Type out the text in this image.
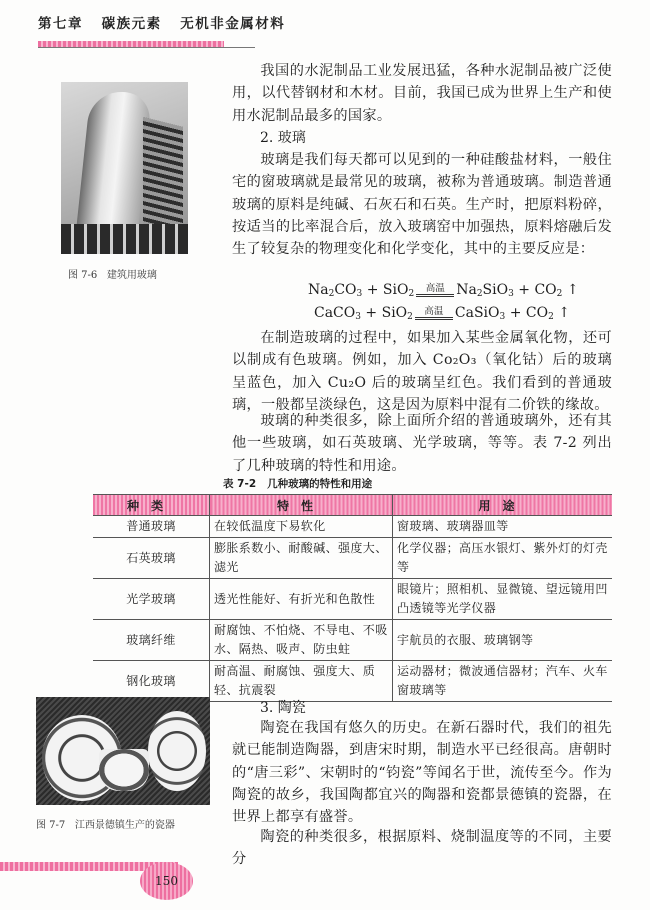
第七章   碳族元素   无机非金属材料
图 7-6   建筑用玻璃

我国的水泥制品工业发展迅猛，各种水泥制品被广泛使用，以代替钢材和木材。目前，我国已成为世界上生产和使用水泥制品最多的国家。

2. 玻璃

玻璃是我们每天都可以见到的一种硅酸盐材料，一般住宅的窗玻璃就是最常见的玻璃，被称为普通玻璃。制造普通玻璃的原料是纯碱、石灰石和石英。生产时，把原料粉碎，按适当的比率混合后，放入玻璃窑中加强热，原料熔融后发生了较复杂的物理变化和化学变化，其中的主要反应是：

$Na_2CO_3 + SiO_2$
高温 $Na_2SiO_3 + CO_2$ ↑
CaCO$_3$ + SiO$_2$
高温 CaSiO$_3$ + $CO_2$ ↑

在制造玻璃的过程中，如果加入某些金属氧化物，还可以制成有色玻璃。例如，加入 Co₂O₃（氧化钴）后的玻璃呈蓝色，加入 Cu₂O 后的玻璃呈红色。我们看到的普通玻璃，一般都呈淡绿色，这是因为原料中混有二价铁的缘故。

玻璃的种类很多，除上面所介绍的普通玻璃外，还有其他一些玻璃，如石英玻璃、光学玻璃，等等。表 7-2 列出了几种玻璃的特性和用途。

表 7-2   几种玻璃的特性和用途
种类	特性	用途
普通玻璃	在较低温度下易软化	窗玻璃、玻璃器皿等
石英玻璃	膨胀系数小、耐酸碱、强度大、滤光	化学仪器；高压水银灯、紫外灯的灯壳等
光学玻璃	透光性能好、有折光和色散性	眼镜片；照相机、显微镜、望远镜用凹凸透镜等光学仪器
玻璃纤维	耐腐蚀、不怕烧、不导电、不吸水、隔热、吸声、防虫蛀	宇航员的衣服、玻璃钢等
钢化玻璃	耐高温、耐腐蚀、强度大、质轻、抗震裂	运动器材；微波通信器材；汽车、火车窗玻璃等
图 7-7   江西景德镇生产的瓷器

3. 陶瓷

陶瓷在我国有悠久的历史。在新石器时代，我们的祖先就已能制造陶器，到唐宋时期，制造水平已经很高。唐朝时的“唐三彩”、宋朝时的“钧瓷”等闻名于世，流传至今。作为陶瓷的故乡，我国陶都宜兴的陶器和瓷都景德镇的瓷器，在世界上都享有盛誉。

陶瓷的种类很多，根据原料、烧制温度等的不同，主要分

150
